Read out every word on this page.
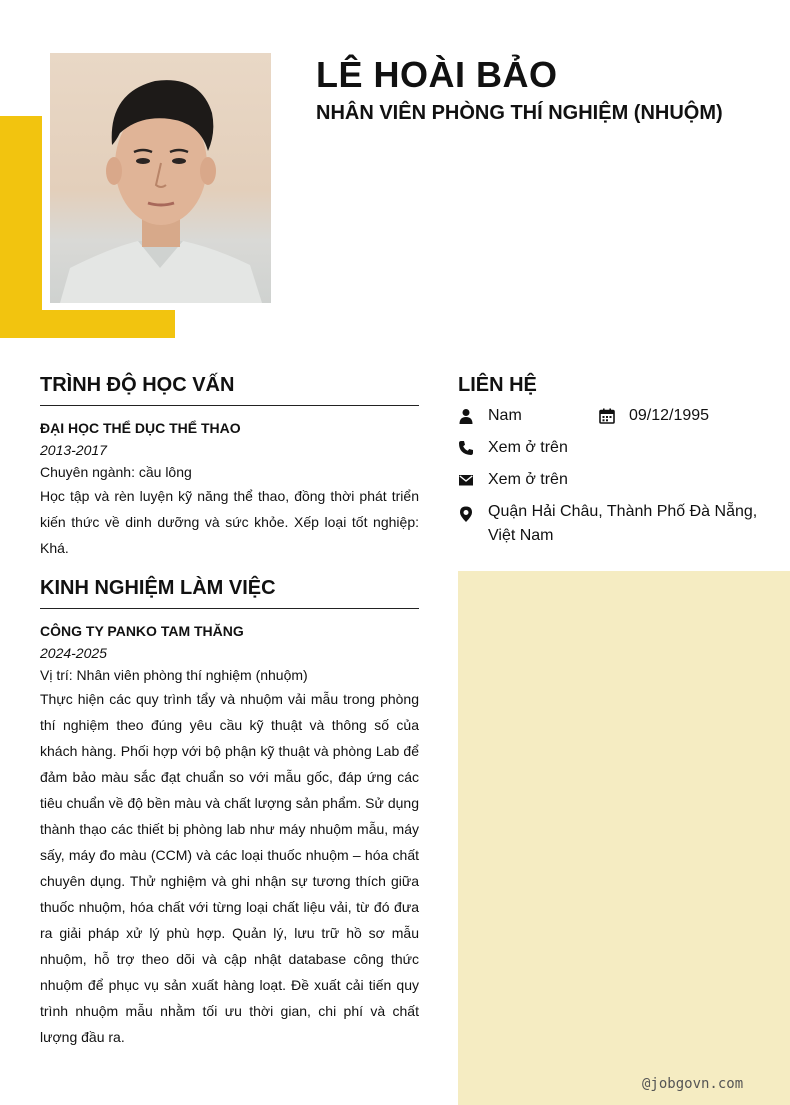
LÊ HOÀI BẢO
NHÂN VIÊN PHÒNG THÍ NGHIỆM (NHUỘM)
TRÌNH ĐỘ HỌC VẤN

ĐẠI HỌC THỂ DỤC THỂ THAO

2013-2017

Chuyên ngành: cầu lông

Học tập và rèn luyện kỹ năng thể thao, đồng thời phát triển kiến thức về dinh dưỡng và sức khỏe. Xếp loại tốt nghiệp: Khá.

KINH NGHIỆM LÀM VIỆC

CÔNG TY PANKO TAM THĂNG

2024-2025

Vị trí: Nhân viên phòng thí nghiệm (nhuộm)

Thực hiện các quy trình tẩy và nhuộm vải mẫu trong phòng thí nghiệm theo đúng yêu cầu kỹ thuật và thông số của khách hàng. Phối hợp với bộ phận kỹ thuật và phòng Lab để đảm bảo màu sắc đạt chuẩn so với mẫu gốc, đáp ứng các tiêu chuẩn về độ bền màu và chất lượng sản phẩm. Sử dụng thành thạo các thiết bị phòng lab như máy nhuộm mẫu, máy sấy, máy đo màu (CCM) và các loại thuốc nhuộm – hóa chất chuyên dụng. Thử nghiệm và ghi nhận sự tương thích giữa thuốc nhuộm, hóa chất với từng loại chất liệu vải, từ đó đưa ra giải pháp xử lý phù hợp. Quản lý, lưu trữ hồ sơ mẫu nhuộm, hỗ trợ theo dõi và cập nhật database công thức nhuộm để phục vụ sản xuất hàng loạt. Đề xuất cải tiến quy trình nhuộm mẫu nhằm tối ưu thời gian, chi phí và chất lượng đầu ra.

LIÊN HỆ
Nam	09/12/1995
Xem ở trên
Xem ở trên
Quận Hải Châu, Thành Phố Đà Nẵng, Việt Nam
@jobgovn.com
